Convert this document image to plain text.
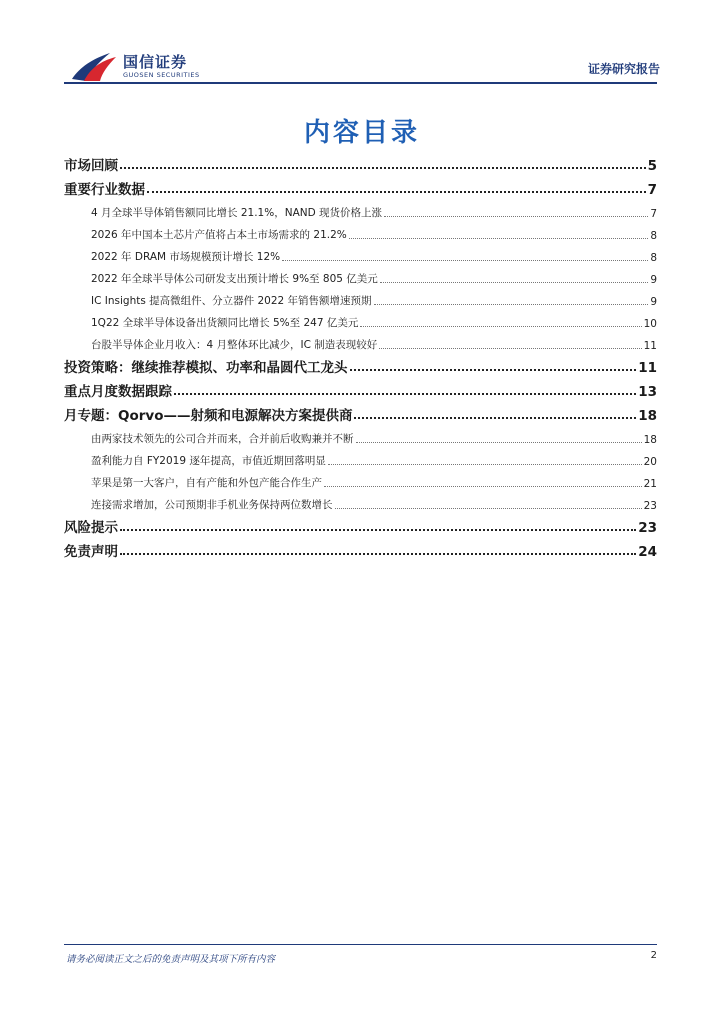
国信证券
GUOSEN SECURITIES	证券研究报告
内容目录
市场回顾	5
重要行业数据	7
4 月全球半导体销售额同比增长 21.1%，NAND 现货价格上涨	7
2026 年中国本土芯片产值将占本土市场需求的 21.2%	8
2022 年 DRAM 市场规模预计增长 12%	8
2022 年全球半导体公司研发支出预计增长 9%至 805 亿美元	9
IC Insights 提高微组件、分立器件 2022 年销售额增速预期	9
1Q22 全球半导体设备出货额同比增长 5%至 247 亿美元	10
台股半导体企业月收入：4 月整体环比减少，IC 制造表现较好	11
投资策略：继续推荐模拟、功率和晶圆代工龙头	11
重点月度数据跟踪	13
月专题：Qorvo——射频和电源解决方案提供商	18
由两家技术领先的公司合并而来，合并前后收购兼并不断	18
盈利能力自 FY2019 逐年提高，市值近期回落明显	20
苹果是第一大客户，自有产能和外包产能合作生产	21
连接需求增加，公司预期非手机业务保持两位数增长	23
风险提示	23
免责声明	24
请务必阅读正文之后的免责声明及其项下所有内容	2
